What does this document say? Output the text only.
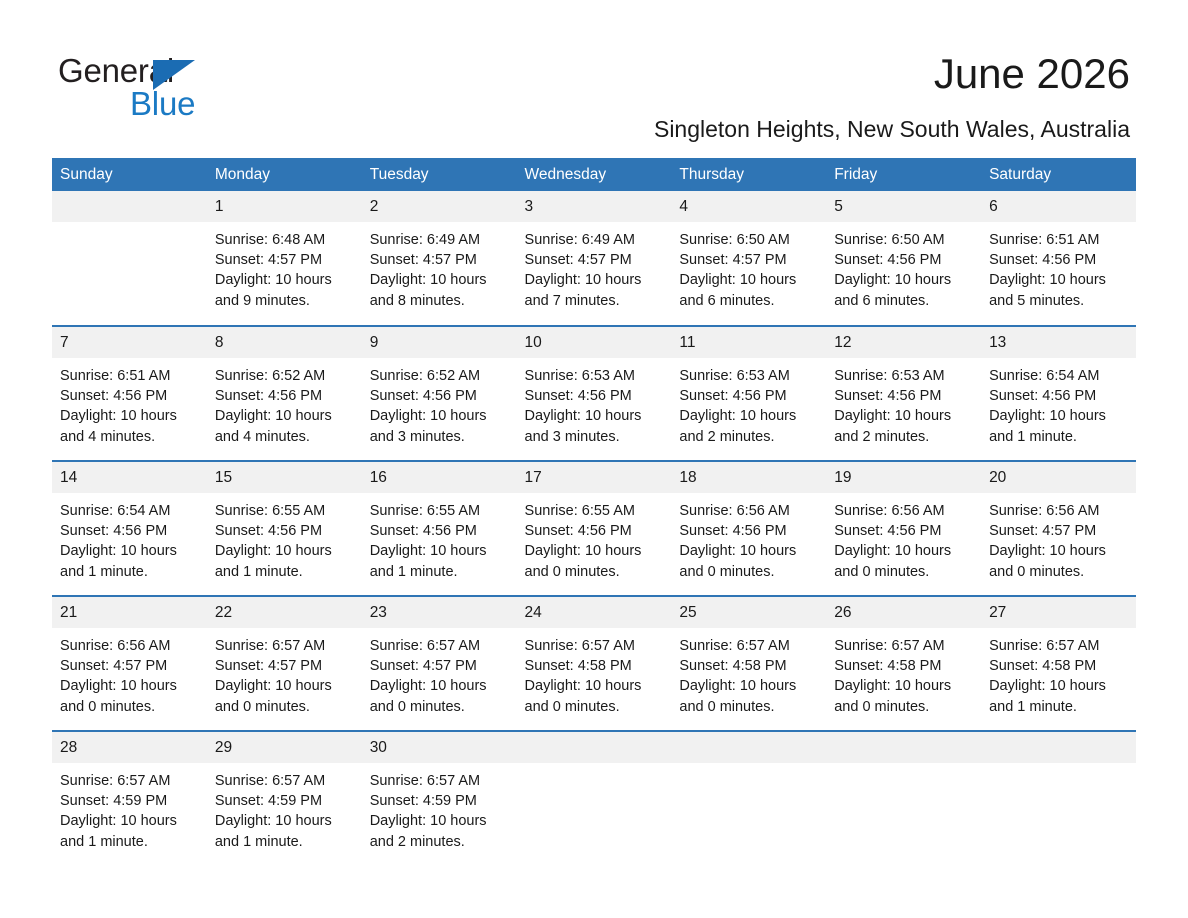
General
Blue
June 2026
Singleton Heights, New South Wales, Australia
Sunday	Monday	Tuesday	Wednesday	Thursday	Friday	Saturday

	1
Sunrise: 6:48 AM
Sunset: 4:57 PM
Daylight: 10 hours and 9 minutes.	2
Sunrise: 6:49 AM
Sunset: 4:57 PM
Daylight: 10 hours and 8 minutes.	3
Sunrise: 6:49 AM
Sunset: 4:57 PM
Daylight: 10 hours and 7 minutes.	4
Sunrise: 6:50 AM
Sunset: 4:57 PM
Daylight: 10 hours and 6 minutes.	5
Sunrise: 6:50 AM
Sunset: 4:56 PM
Daylight: 10 hours and 6 minutes.	6
Sunrise: 6:51 AM
Sunset: 4:56 PM
Daylight: 10 hours and 5 minutes.

7
Sunrise: 6:51 AM
Sunset: 4:56 PM
Daylight: 10 hours and 4 minutes.	8
Sunrise: 6:52 AM
Sunset: 4:56 PM
Daylight: 10 hours and 4 minutes.	9
Sunrise: 6:52 AM
Sunset: 4:56 PM
Daylight: 10 hours and 3 minutes.	10
Sunrise: 6:53 AM
Sunset: 4:56 PM
Daylight: 10 hours and 3 minutes.	11
Sunrise: 6:53 AM
Sunset: 4:56 PM
Daylight: 10 hours and 2 minutes.	12
Sunrise: 6:53 AM
Sunset: 4:56 PM
Daylight: 10 hours and 2 minutes.	13
Sunrise: 6:54 AM
Sunset: 4:56 PM
Daylight: 10 hours and 1 minute.

14
Sunrise: 6:54 AM
Sunset: 4:56 PM
Daylight: 10 hours and 1 minute.	15
Sunrise: 6:55 AM
Sunset: 4:56 PM
Daylight: 10 hours and 1 minute.	16
Sunrise: 6:55 AM
Sunset: 4:56 PM
Daylight: 10 hours and 1 minute.	17
Sunrise: 6:55 AM
Sunset: 4:56 PM
Daylight: 10 hours and 0 minutes.	18
Sunrise: 6:56 AM
Sunset: 4:56 PM
Daylight: 10 hours and 0 minutes.	19
Sunrise: 6:56 AM
Sunset: 4:56 PM
Daylight: 10 hours and 0 minutes.	20
Sunrise: 6:56 AM
Sunset: 4:57 PM
Daylight: 10 hours and 0 minutes.

21
Sunrise: 6:56 AM
Sunset: 4:57 PM
Daylight: 10 hours and 0 minutes.	22
Sunrise: 6:57 AM
Sunset: 4:57 PM
Daylight: 10 hours and 0 minutes.	23
Sunrise: 6:57 AM
Sunset: 4:57 PM
Daylight: 10 hours and 0 minutes.	24
Sunrise: 6:57 AM
Sunset: 4:58 PM
Daylight: 10 hours and 0 minutes.	25
Sunrise: 6:57 AM
Sunset: 4:58 PM
Daylight: 10 hours and 0 minutes.	26
Sunrise: 6:57 AM
Sunset: 4:58 PM
Daylight: 10 hours and 0 minutes.	27
Sunrise: 6:57 AM
Sunset: 4:58 PM
Daylight: 10 hours and 1 minute.

28
Sunrise: 6:57 AM
Sunset: 4:59 PM
Daylight: 10 hours and 1 minute.	29
Sunrise: 6:57 AM
Sunset: 4:59 PM
Daylight: 10 hours and 1 minute.	30
Sunrise: 6:57 AM
Sunset: 4:59 PM
Daylight: 10 hours and 2 minutes.				
